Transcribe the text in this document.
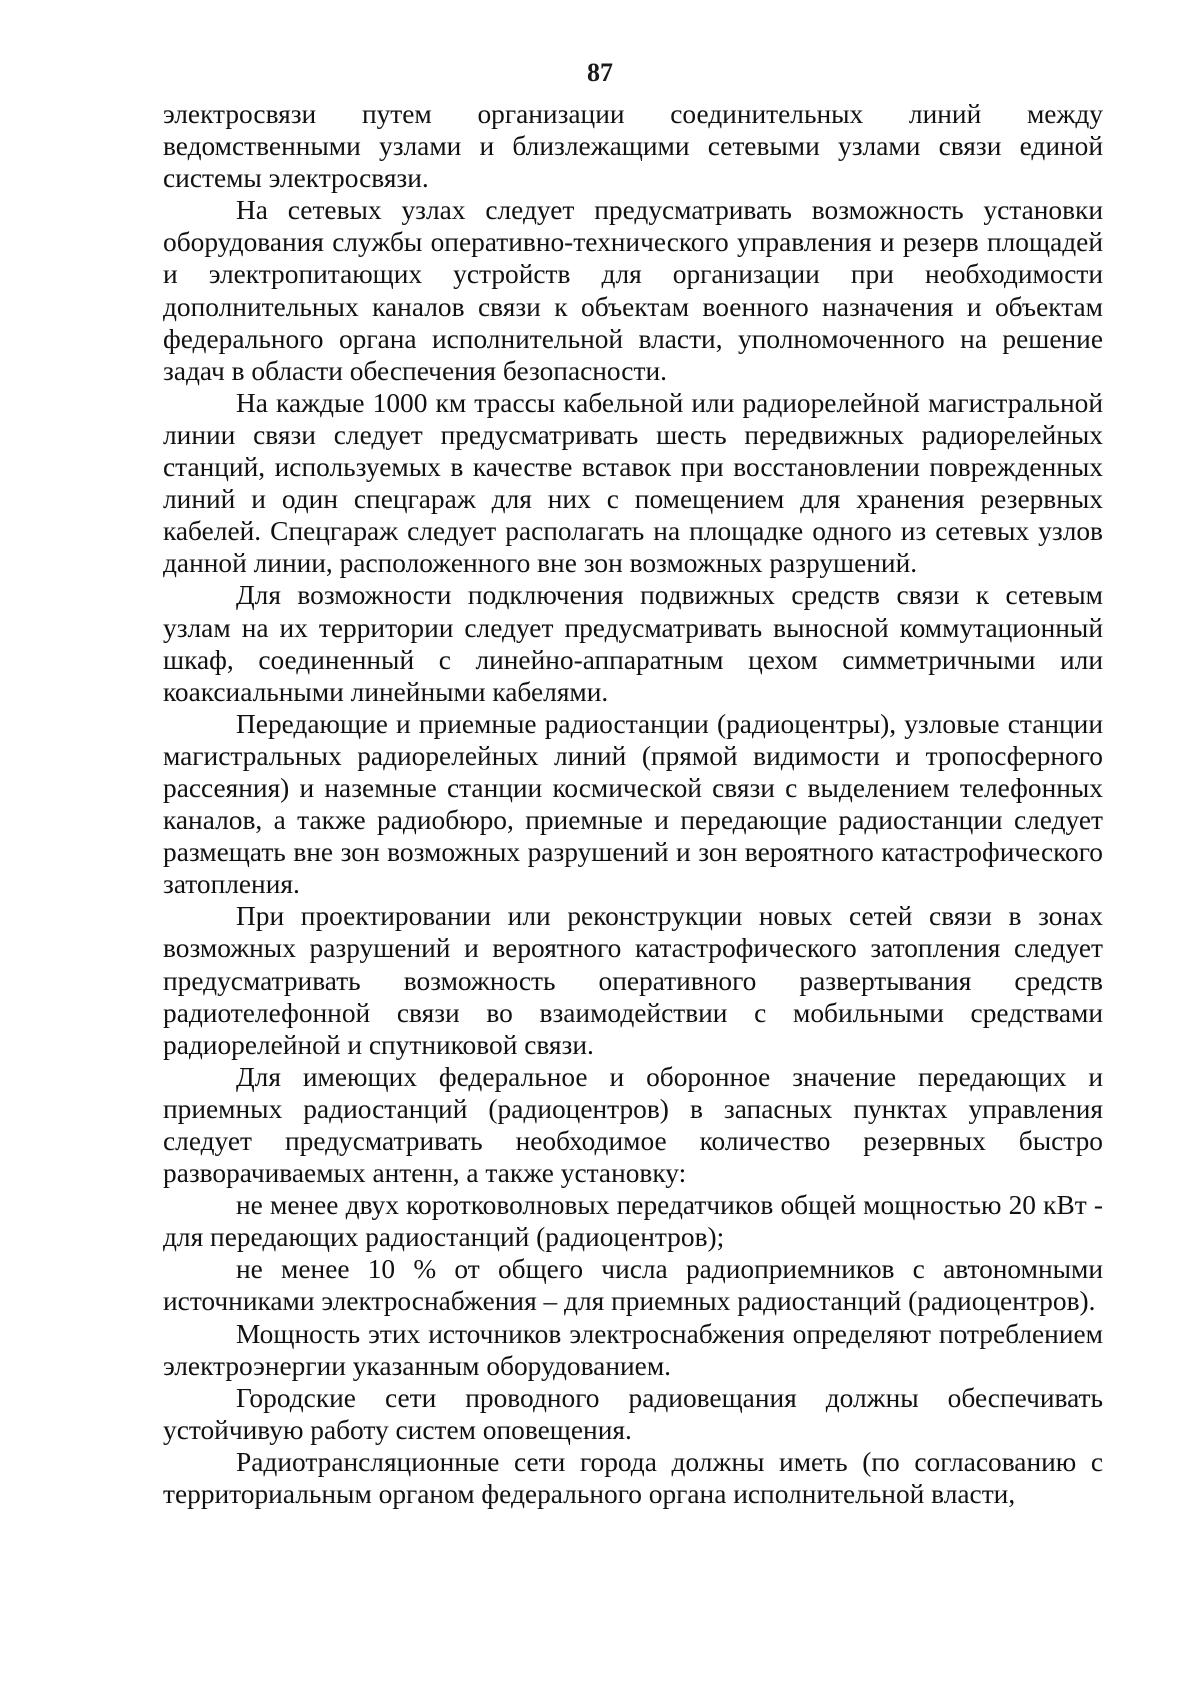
87

электросвязи путем организации соединительных линий между ведомственными узлами и близлежащими сетевыми узлами связи единой системы электросвязи.

На сетевых узлах следует предусматривать возможность установки оборудования службы оперативно-технического управления и резерв площадей и электропитающих устройств для организации при необходимости дополнительных каналов связи к объектам военного назначения и объектам федерального органа исполнительной власти, уполномоченного на решение задач в области обеспечения безопасности.

На каждые 1000 км трассы кабельной или радиорелейной магистральной линии связи следует предусматривать шесть передвижных радиорелейных станций, используемых в качестве вставок при восстановлении поврежденных линий и один спецгараж для них с помещением для хранения резервных кабелей. Спецгараж следует располагать на площадке одного из сетевых узлов данной линии, расположенного вне зон возможных разрушений.

Для возможности подключения подвижных средств связи к сетевым узлам на их территории следует предусматривать выносной коммутационный шкаф, соединенный с линейно-аппаратным цехом симметричными или коаксиальными линейными кабелями.

Передающие и приемные радиостанции (радиоцентры), узловые станции магистральных радиорелейных линий (прямой видимости и тропосферного рассеяния) и наземные станции космической связи с выделением телефонных каналов, а также радиобюро, приемные и передающие радиостанции следует размещать вне зон возможных разрушений и зон вероятного катастрофического затопления.

При проектировании или реконструкции новых сетей связи в зонах возможных разрушений и вероятного катастрофического затопления следует предусматривать возможность оперативного развертывания средств радиотелефонной связи во взаимодействии с мобильными средствами радиорелейной и спутниковой связи.

Для имеющих федеральное и оборонное значение передающих и приемных радиостанций (радиоцентров) в запасных пунктах управления следует предусматривать необходимое количество резервных быстро разворачиваемых антенн, а также установку:

не менее двух коротковолновых передатчиков общей мощностью 20 кВт - для передающих радиостанций (радиоцентров);

не менее 10 % от общего числа радиоприемников с автономными источниками электроснабжения – для приемных радиостанций (радиоцентров).

Мощность этих источников электроснабжения определяют потреблением электроэнергии указанным оборудованием.

Городские сети проводного радиовещания должны обеспечивать устойчивую работу систем оповещения.

Радиотрансляционные сети города должны иметь (по согласованию с территориальным органом федерального органа исполнительной власти,
